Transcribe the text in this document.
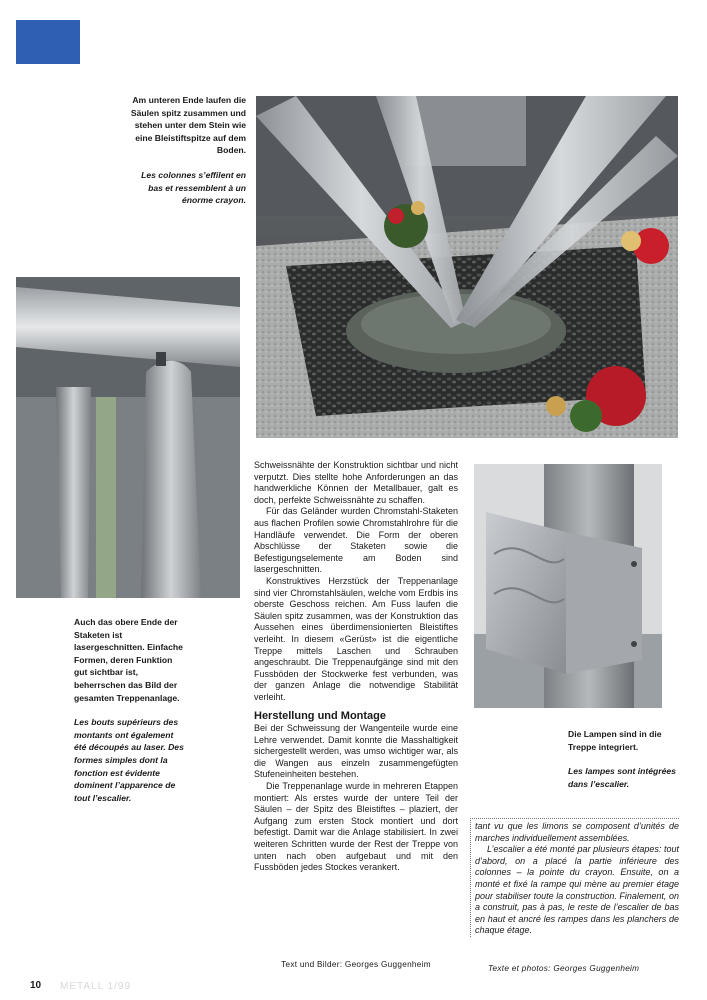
Am unteren Ende laufen die Säulen spitz zusammen und stehen unter dem Stein wie eine Bleistiftspitze auf dem Boden.
Les colonnes s’effilent en bas et ressemblent à un énorme crayon.
Auch das obere Ende der Staketen ist lasergeschnitten. Einfache Formen, deren Funktion gut sichtbar ist, beherrschen das Bild der gesamten Treppenanlage.
Les bouts supérieurs des montants ont également été découpés au laser. Des formes simples dont la fonction est évidente dominent l’apparence de tout l’escalier.
Die Lampen sind in die Treppe integriert.
Les lampes sont intégrées dans l’escalier.

Schweissnähte der Konstruktion sichtbar und nicht verputzt. Dies stellte hohe Anforderungen an das handwerkliche Können der Metallbauer, galt es doch, perfekte Schweissnähte zu schaffen.

Für das Geländer wurden Chromstahl-Staketen aus flachen Profilen sowie Chromstahlrohre für die Handläufe verwendet. Die Form der oberen Abschlüsse der Staketen sowie die Befestigungselemente am Boden sind lasergeschnitten.

Konstruktives Herzstück der Treppenanlage sind vier Chromstahlsäulen, welche vom Erdbis ins oberste Geschoss reichen. Am Fuss laufen die Säulen spitz zusammen, was der Konstruktion das Aussehen eines überdimensionierten Bleistiftes verleiht. In diesem «Gerüst» ist die eigentliche Treppe mittels Laschen und Schrauben angeschraubt. Die Treppenaufgänge sind mit den Fussböden der Stockwerke fest verbunden, was der ganzen Anlage die notwendige Stabilität verleiht.

Herstellung und Montage

Bei der Schweissung der Wangenteile wurde eine Lehre verwendet. Damit konnte die Masshaltigkeit sichergestellt werden, was umso wichtiger war, als die Wangen aus einzeln zusammengefügten Stufeneinheiten bestehen.

Die Treppenanlage wurde in mehreren Etappen montiert: Als erstes wurde der untere Teil der Säulen – der Spitz des Bleistiftes – plaziert, der Aufgang zum ersten Stock montiert und dort befestigt. Damit war die Anlage stabilisiert. In zwei weiteren Schritten wurde der Rest der Treppe von unten nach oben aufgebaut und mit den Fussböden jedes Stockes verankert.

Text und Bilder: Georges Guggenheim

tant vu que les limons se composent d’unités de marches individuellement assemblées.

L’escalier a été monté par plusieurs étapes: tout d’abord, on a placé la partie inférieure des colonnes – la pointe du crayon. Ensuite, on a monté et fixé la rampe qui mène au premier étage pour stabiliser toute la construction. Finalement, on a construit, pas à pas, le reste de l’escalier de bas en haut et ancré les rampes dans les planchers de chaque étage.

Texte et photos: Georges Guggenheim
10 METALL 1/99
